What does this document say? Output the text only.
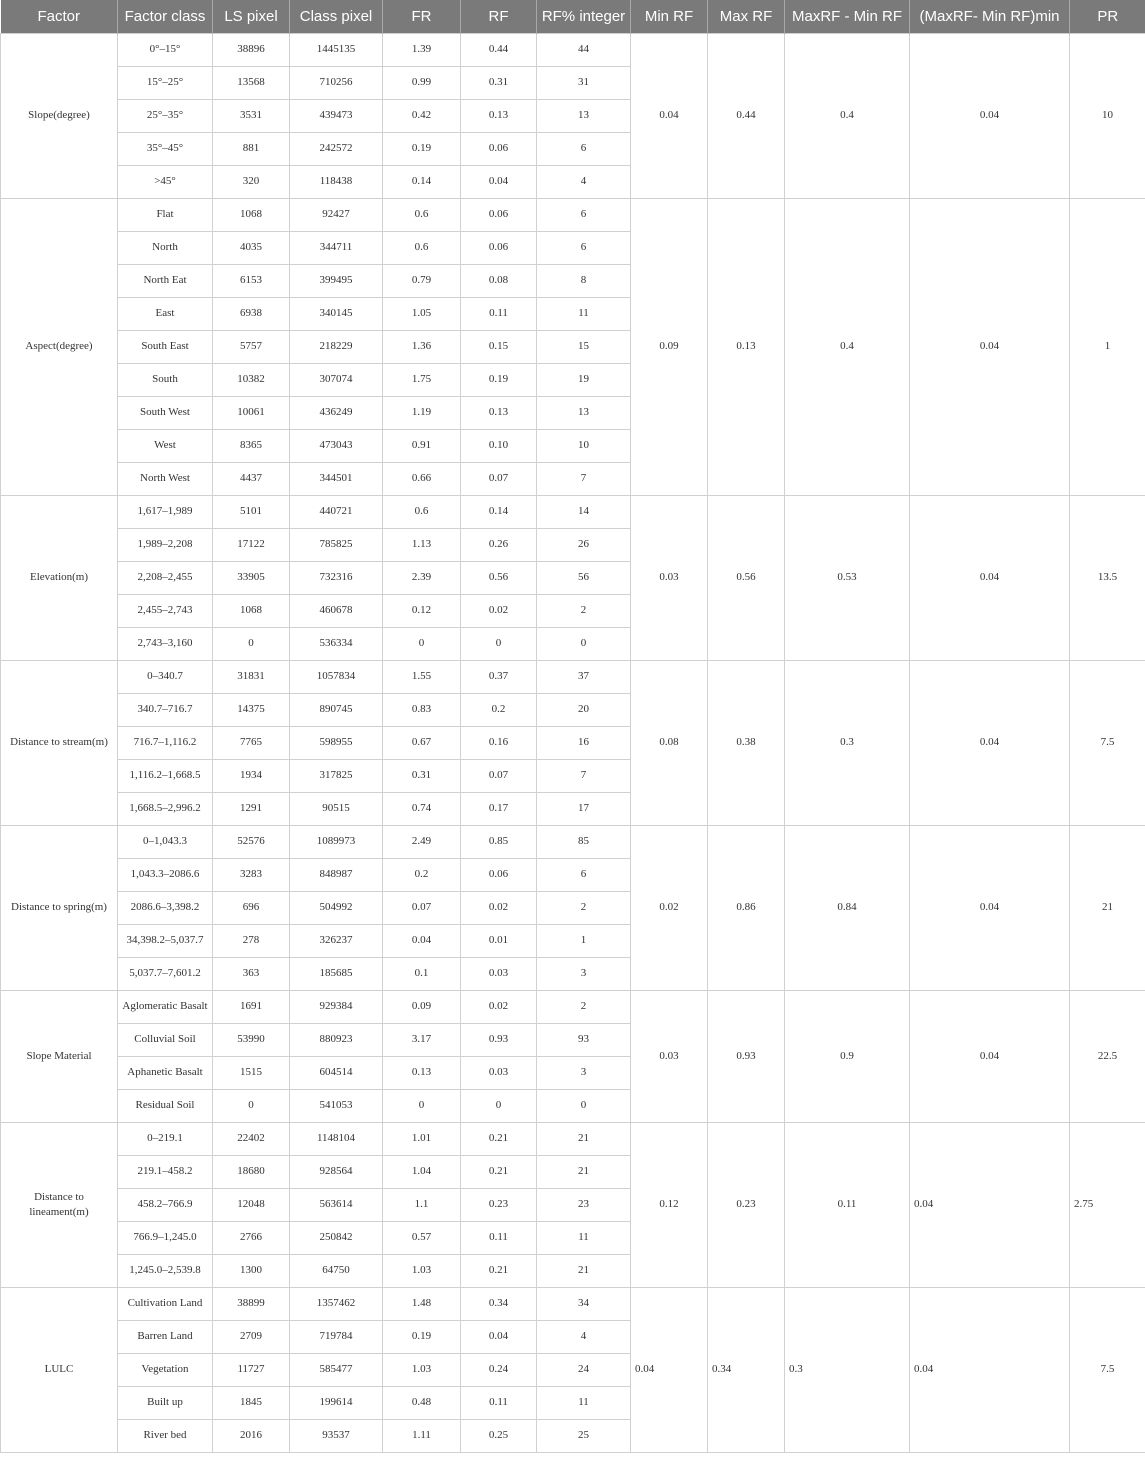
Factor	Factor class	LS pixel	Class pixel	FR	RF	RF% integer	Min RF	Max RF	MaxRF - Min RF	(MaxRF- Min RF)min	PR
Slope(degree)	0°–15°	38896	1445135	1.39	0.44	44	0.04	0.44	0.4	0.04	10
	15°–25°	13568	710256	0.99	0.31	31					
	25°–35°	3531	439473	0.42	0.13	13					
	35°–45°	881	242572	0.19	0.06	6					
	>45°	320	118438	0.14	0.04	4					
Aspect(degree)	Flat	1068	92427	0.6	0.06	6	0.09	0.13	0.4	0.04	1
	North	4035	344711	0.6	0.06	6					
	North Eat	6153	399495	0.79	0.08	8					
	East	6938	340145	1.05	0.11	11					
	South East	5757	218229	1.36	0.15	15					
	South	10382	307074	1.75	0.19	19					
	South West	10061	436249	1.19	0.13	13					
	West	8365	473043	0.91	0.10	10					
	North West	4437	344501	0.66	0.07	7					
Elevation(m)	1,617–1,989	5101	440721	0.6	0.14	14	0.03	0.56	0.53	0.04	13.5
	1,989–2,208	17122	785825	1.13	0.26	26					
	2,208–2,455	33905	732316	2.39	0.56	56					
	2,455–2,743	1068	460678	0.12	0.02	2					
	2,743–3,160	0	536334	0	0	0					
Distance to stream(m)	0–340.7	31831	1057834	1.55	0.37	37	0.08	0.38	0.3	0.04	7.5
	340.7–716.7	14375	890745	0.83	0.2	20					
	716.7–1,116.2	7765	598955	0.67	0.16	16					
	1,116.2–1,668.5	1934	317825	0.31	0.07	7					
	1,668.5–2,996.2	1291	90515	0.74	0.17	17					
Distance to spring(m)	0–1,043.3	52576	1089973	2.49	0.85	85	0.02	0.86	0.84	0.04	21
	1,043.3–2086.6	3283	848987	0.2	0.06	6					
	2086.6–3,398.2	696	504992	0.07	0.02	2					
	34,398.2–5,037.7	278	326237	0.04	0.01	1					
	5,037.7–7,601.2	363	185685	0.1	0.03	3					
Slope Material	Aglomeratic Basalt	1691	929384	0.09	0.02	2	0.03	0.93	0.9	0.04	22.5
	Colluvial Soil	53990	880923	3.17	0.93	93					
	Aphanetic Basalt	1515	604514	0.13	0.03	3					
	Residual Soil	0	541053	0	0	0					
Distance to lineament(m)	0–219.1	22402	1148104	1.01	0.21	21	0.12	0.23	0.11	0.04	2.75
	219.1–458.2	18680	928564	1.04	0.21	21					
	458.2–766.9	12048	563614	1.1	0.23	23					
	766.9–1,245.0	2766	250842	0.57	0.11	11					
	1,245.0–2,539.8	1300	64750	1.03	0.21	21					
LULC	Cultivation Land	38899	1357462	1.48	0.34	34	0.04	0.34	0.3	0.04	7.5
	Barren Land	2709	719784	0.19	0.04	4					
	Vegetation	11727	585477	1.03	0.24	24					
	Built up	1845	199614	0.48	0.11	11					
	River bed	2016	93537	1.11	0.25	25					
